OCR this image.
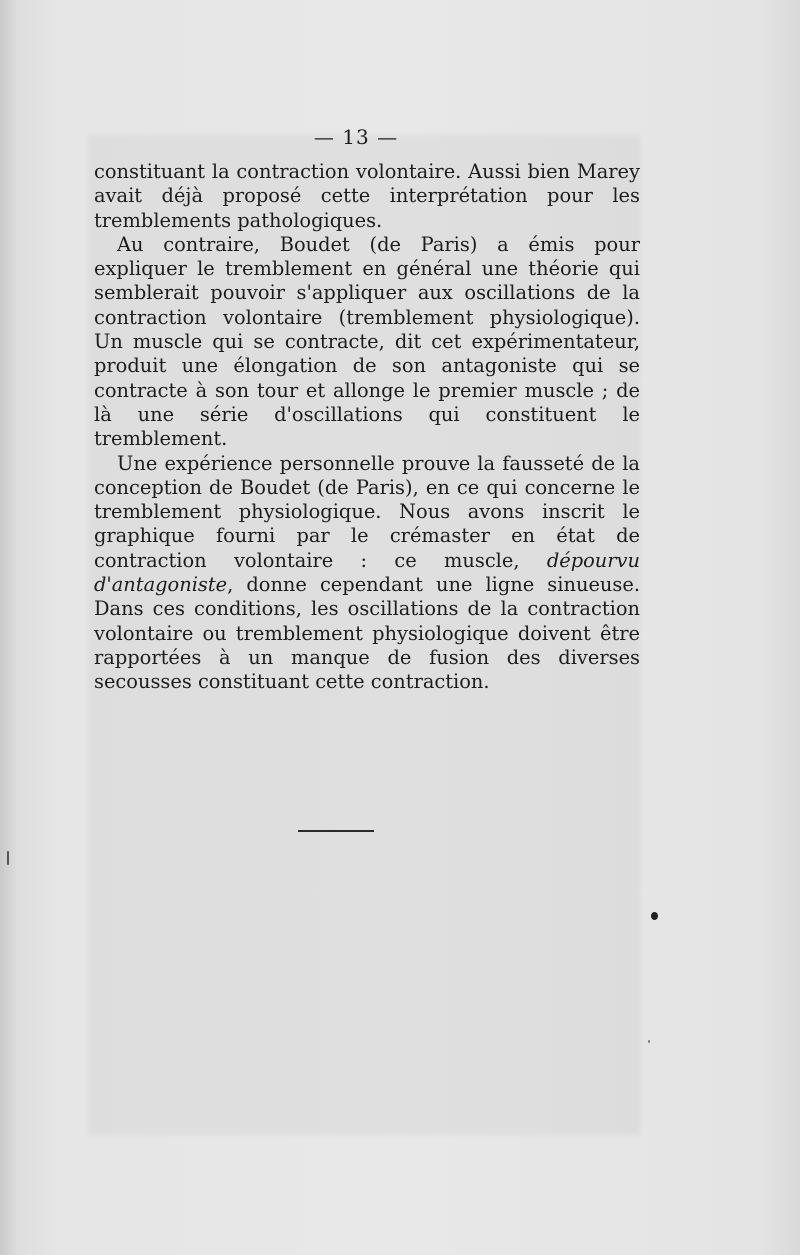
— 13 —

constituant la contraction volontaire. Aussi bien Marey avait déjà proposé cette interprétation pour les tremblements pathologiques.

Au contraire, Boudet (de Paris) a émis pour expliquer le tremblement en général une théorie qui semblerait pouvoir s'appliquer aux oscillations de la contraction volontaire (tremblement physiologique). Un muscle qui se contracte, dit cet expérimentateur, produit une élongation de son antagoniste qui se contracte à son tour et allonge le premier muscle ; de là une série d'oscillations qui constituent le tremblement.

Une expérience personnelle prouve la fausseté de la conception de Boudet (de Paris), en ce qui concerne le tremblement physiologique. Nous avons inscrit le graphique fourni par le crémaster en état de contraction volontaire : ce muscle, dépourvu d'antagoniste, donne cependant une ligne sinueuse. Dans ces conditions, les oscillations de la contraction volontaire ou tremblement physiologique doivent être rapportées à un manque de fusion des diverses secousses constituant cette contraction.
